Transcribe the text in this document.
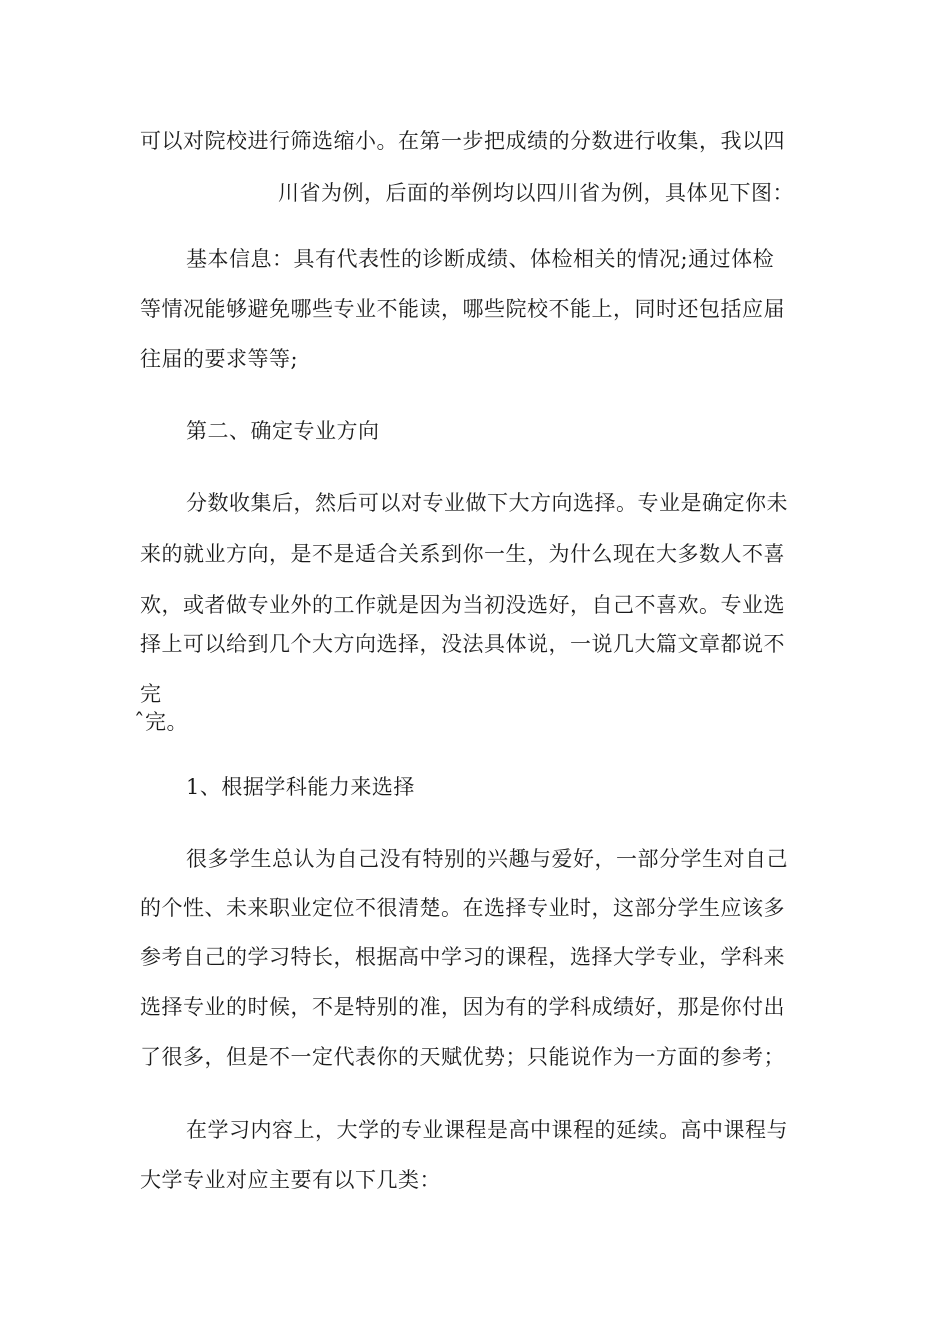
可以对院校进行筛选缩小。在第一步把成绩的分数进行收集，我以四
川省为例，后面的举例均以四川省为例，具体见下图：
基本信息：具有代表性的诊断成绩、体检相关的情况;通过体检
等情况能够避免哪些专业不能读，哪些院校不能上，同时还包括应届
往届的要求等等;
第二、确定专业方向
分数收集后，然后可以对专业做下大方向选择。专业是确定你未
来的就业方向，是不是适合关系到你一生，为什么现在大多数人不喜
欢，或者做专业外的工作就是因为当初没选好，自己不喜欢。专业选
择上可以给到几个大方向选择，没法具体说，一说几大篇文章都说不
完
ˆ完。
1、根据学科能力来选择
很多学生总认为自己没有特别的兴趣与爱好，一部分学生对自己
的个性、未来职业定位不很清楚。在选择专业时，这部分学生应该多
参考自己的学习特长，根据高中学习的课程，选择大学专业，学科来
选择专业的时候，不是特别的准，因为有的学科成绩好，那是你付出
了很多，但是不一定代表你的天赋优势；只能说作为一方面的参考；
在学习内容上，大学的专业课程是高中课程的延续。高中课程与
大学专业对应主要有以下几类：
